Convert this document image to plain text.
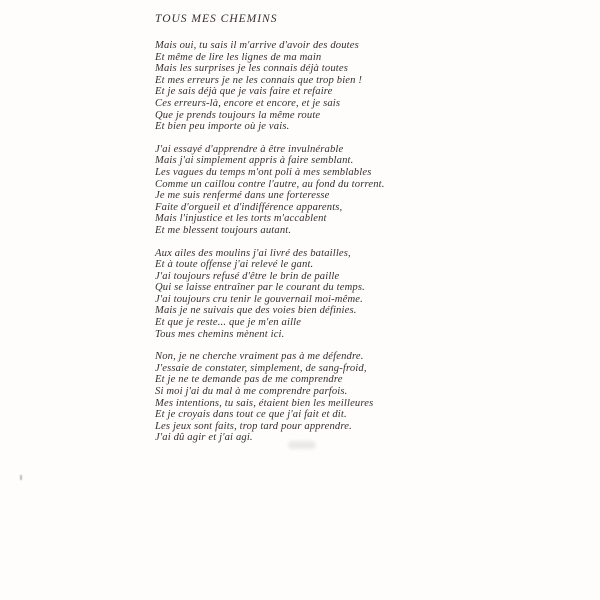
TOUS MES CHEMINS

Mais oui, tu sais il m'arrive d'avoir des doutes
Et même de lire les lignes de ma main
Mais les surprises je les connais déjà toutes
Et mes erreurs je ne les connais que trop bien !
Et je sais déjà que je vais faire et refaire
Ces erreurs-là, encore et encore, et je sais
Que je prends toujours la même route
Et bien peu importe où je vais.

J'ai essayé d'apprendre à être invulnérable
Mais j'ai simplement appris à faire semblant.
Les vagues du temps m'ont poli à mes semblables
Comme un caillou contre l'autre, au fond du torrent.
Je me suis renfermé dans une forteresse
Faite d'orgueil et d'indifférence apparents,
Mais l'injustice et les torts m'accablent
Et me blessent toujours autant.

Aux ailes des moulins j'ai livré des batailles,
Et à toute offense j'ai relevé le gant.
J'ai toujours refusé d'être le brin de paille
Qui se laisse entraîner par le courant du temps.
J'ai toujours cru tenir le gouvernail moi-même.
Mais je ne suivais que des voies bien définies.
Et que je reste... que je m'en aille
Tous mes chemins mènent ici.

Non, je ne cherche vraiment pas à me défendre.
J'essaie de constater, simplement, de sang-froid,
Et je ne te demande pas de me comprendre
Si moi j'ai du mal à me comprendre parfois.
Mes intentions, tu sais, étaient bien les meilleures
Et je croyais dans tout ce que j'ai fait et dit.
Les jeux sont faits, trop tard pour apprendre.
J'ai dû agir et j'ai agi.
